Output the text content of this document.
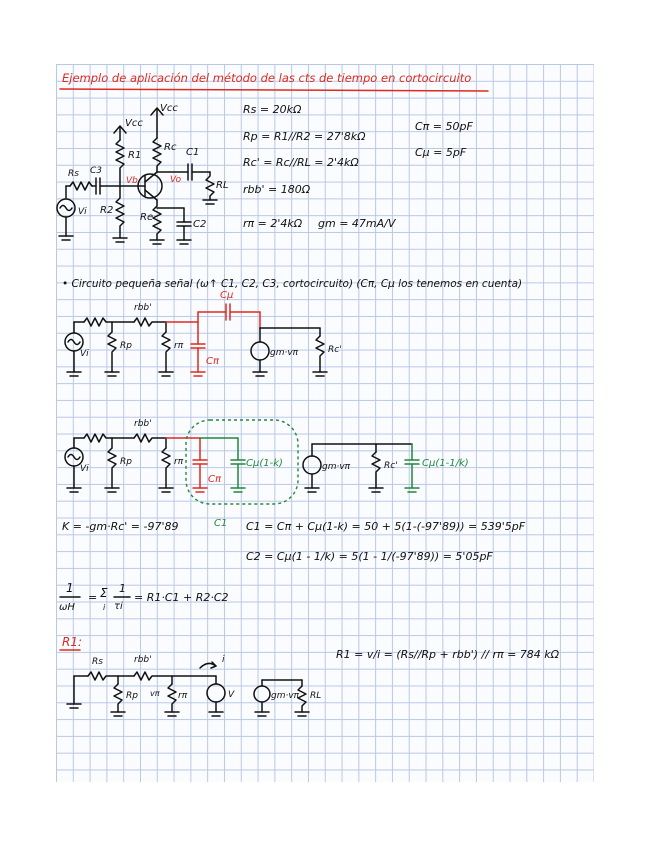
Ejemplo de aplicación del método de las cts de tiempo en cortocircuito
Vcc
Vcc
R1
R2
Rc
Vb
Re
C2
Vo
C1
RL
Rs C3
Vi
Rs = 20kΩ
Rp = R1//R2 = 27'8kΩ
Rc' = Rc//RL = 2'4kΩ
rbb' = 180Ω
rπ = 2'4kΩ gm = 47mA/V
Cπ = 50pF
Cμ = 5pF
• Circuito pequeña señal (ω↑ C1, C2, C3, cortocircuito) (Cπ, Cμ los tenemos en cuenta)
Vi
Rp
rbb'
rπ
Cπ
Cμ
gm·vπ	Rc'
Vi
Rp
rbb'
rπ
Cπ
Cμ(1-k)
C1
gm·vπ	Rc' Cμ(1-1/k)
K = -gm·Rc' = -97'89	C1 = Cπ + Cμ(1-k) = 50 + 5(1-(-97'89)) = 539'5pF
C2 = Cμ(1 - 1/k) = 5(1 - 1/(-97'89)) = 5'05pF
1
ωH
= Σ
i
1
τi
= R1·C1 + R2·C2
R1:
Rs
Rp
rbb'
rπ
vπ	V
i
gm·vπ RL
R1 = v/i = (Rs//Rp + rbb') // rπ = 784 kΩ
